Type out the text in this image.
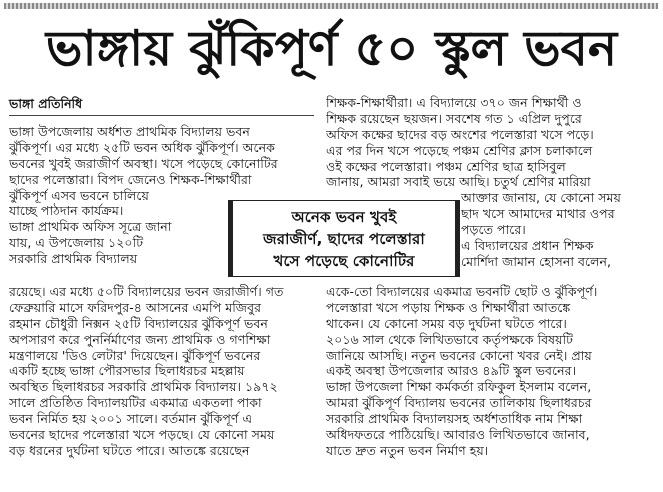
ভাঙ্গায় ঝুঁকিপূর্ণ ৫০ স্কুল ভবন
ভাঙ্গা প্রতিনিধি
ভাঙ্গা উপজেলায় অর্ধশত প্রাথমিক বিদ্যালয় ভবন
ঝুঁকিপূর্ণ। এর মধ্যে ২৫টি ভবন অধিক ঝুঁকিপূর্ণ। অনেক
ভবনের খুবই জরাজীর্ণ অবস্থা। খসে পড়েছে কোনোটির
ছাদের পলেস্তারা। বিপদ জেনেও শিক্ষক-শিক্ষার্থীরা
ঝুঁকিপূর্ণ এসব ভবনে চালিয়ে
যাচ্ছে পাঠদান কার্যক্রম।
ভাঙ্গা প্রাথমিক অফিস সূত্রে জানা
যায়, এ উপজেলায় ১২০টি
সরকারি প্রাথমিক বিদ্যালয়
রয়েছে। এর মধ্যে ৫০টি বিদ্যালয়ের ভবন জরাজীর্ণ। গত
ফেব্রুয়ারি মাসে ফরিদপুর-৪ আসনের এমপি মজিবুর
রহমান চৌধুরী নিক্সন ২৫টি বিদ্যালয়ের ঝুঁকিপূর্ণ ভবন
অপসারণ করে পুনর্নির্মাণের জন্য প্রাথমিক ও গণশিক্ষা
মন্ত্রণালয়ে 'ডিও লেটার' দিয়েছেন। ঝুঁকিপূর্ণ ভবনের
একটি হচ্ছে ভাঙ্গা পৌরসভার ছিলাধরচর মহল্লায়
অবস্থিত ছিলাধরচর সরকারি প্রাথমিক বিদ্যালয়। ১৯৭২
সালে প্রতিষ্ঠিত বিদ্যালয়টির একমাত্র একতলা পাকা
ভবন নির্মিত হয় ২০০১ সালে। বর্তমান ঝুঁকিপূর্ণ এ
ভবনের ছাদের পলেস্তারা খসে পড়ছে। যে কোনো সময়
বড় ধরনের দুর্ঘটনা ঘটতে পারে। আতঙ্কে রয়েছেন
শিক্ষক-শিক্ষার্থীরা। এ বিদ্যালয়ে ৩৭০ জন শিক্ষার্থী ও
শিক্ষক রয়েছেন ছয়জন। সবশেষ গত ১ এপ্রিল দুপুরে
অফিস কক্ষের ছাদের বড় অংশের পলেস্তারা খসে পড়ে।
এর পর দিন খসে পড়েছে পঞ্চম শ্রেণির ক্লাস চলাকালে
ওই কক্ষের পলেস্তারা। পঞ্চম শ্রেণির ছাত্র হাসিবুল
জানায়, আমরা সবাই ভয়ে আছি। চতুর্থ শ্রেণির মারিয়া
আক্তার জানায়, যে কোনো সময়
ছাদ খসে আমাদের মাথার ওপর
পড়তে পারে।
এ বিদ্যালয়ের প্রধান শিক্ষক
মোর্শিদা জামান হোসনা বলেন,
একে-তো বিদ্যালয়ের একমাত্র ভবনটি ছোট ও ঝুঁকিপূর্ণ।
পলেস্তারা খসে পড়ায় শিক্ষক ও শিক্ষার্থীরা আতঙ্কে
থাকেন। যে কোনো সময় বড় দুর্ঘটনা ঘটতে পারে।
২০১৬ সাল থেকে লিখিতভাবে কর্তৃপক্ষকে বিষয়টি
জানিয়ে আসছি। নতুন ভবনের কোনো খবর নেই। প্রায়
একই অবস্থা উপজেলার আরও ৪৯টি স্কুল ভবনের।
ভাঙ্গা উপজেলা শিক্ষা কর্মকর্তা রফিকুল ইসলাম বলেন,
আমরা ঝুঁকিপূর্ণ বিদ্যালয় ভবনের তালিকায় ছিলাধরচর
সরকারি প্রাথমিক বিদ্যালয়সহ অর্ধশতাধিক নাম শিক্ষা
অধিদফতরে পাঠিয়েছি। আবারও লিখিতভাবে জানাব,
যাতে দ্রুত নতুন ভবন নির্মাণ হয়।
অনেক ভবন খুবই
জরাজীর্ণ, ছাদের পলেস্তারা
খসে পড়েছে কোনোটির
